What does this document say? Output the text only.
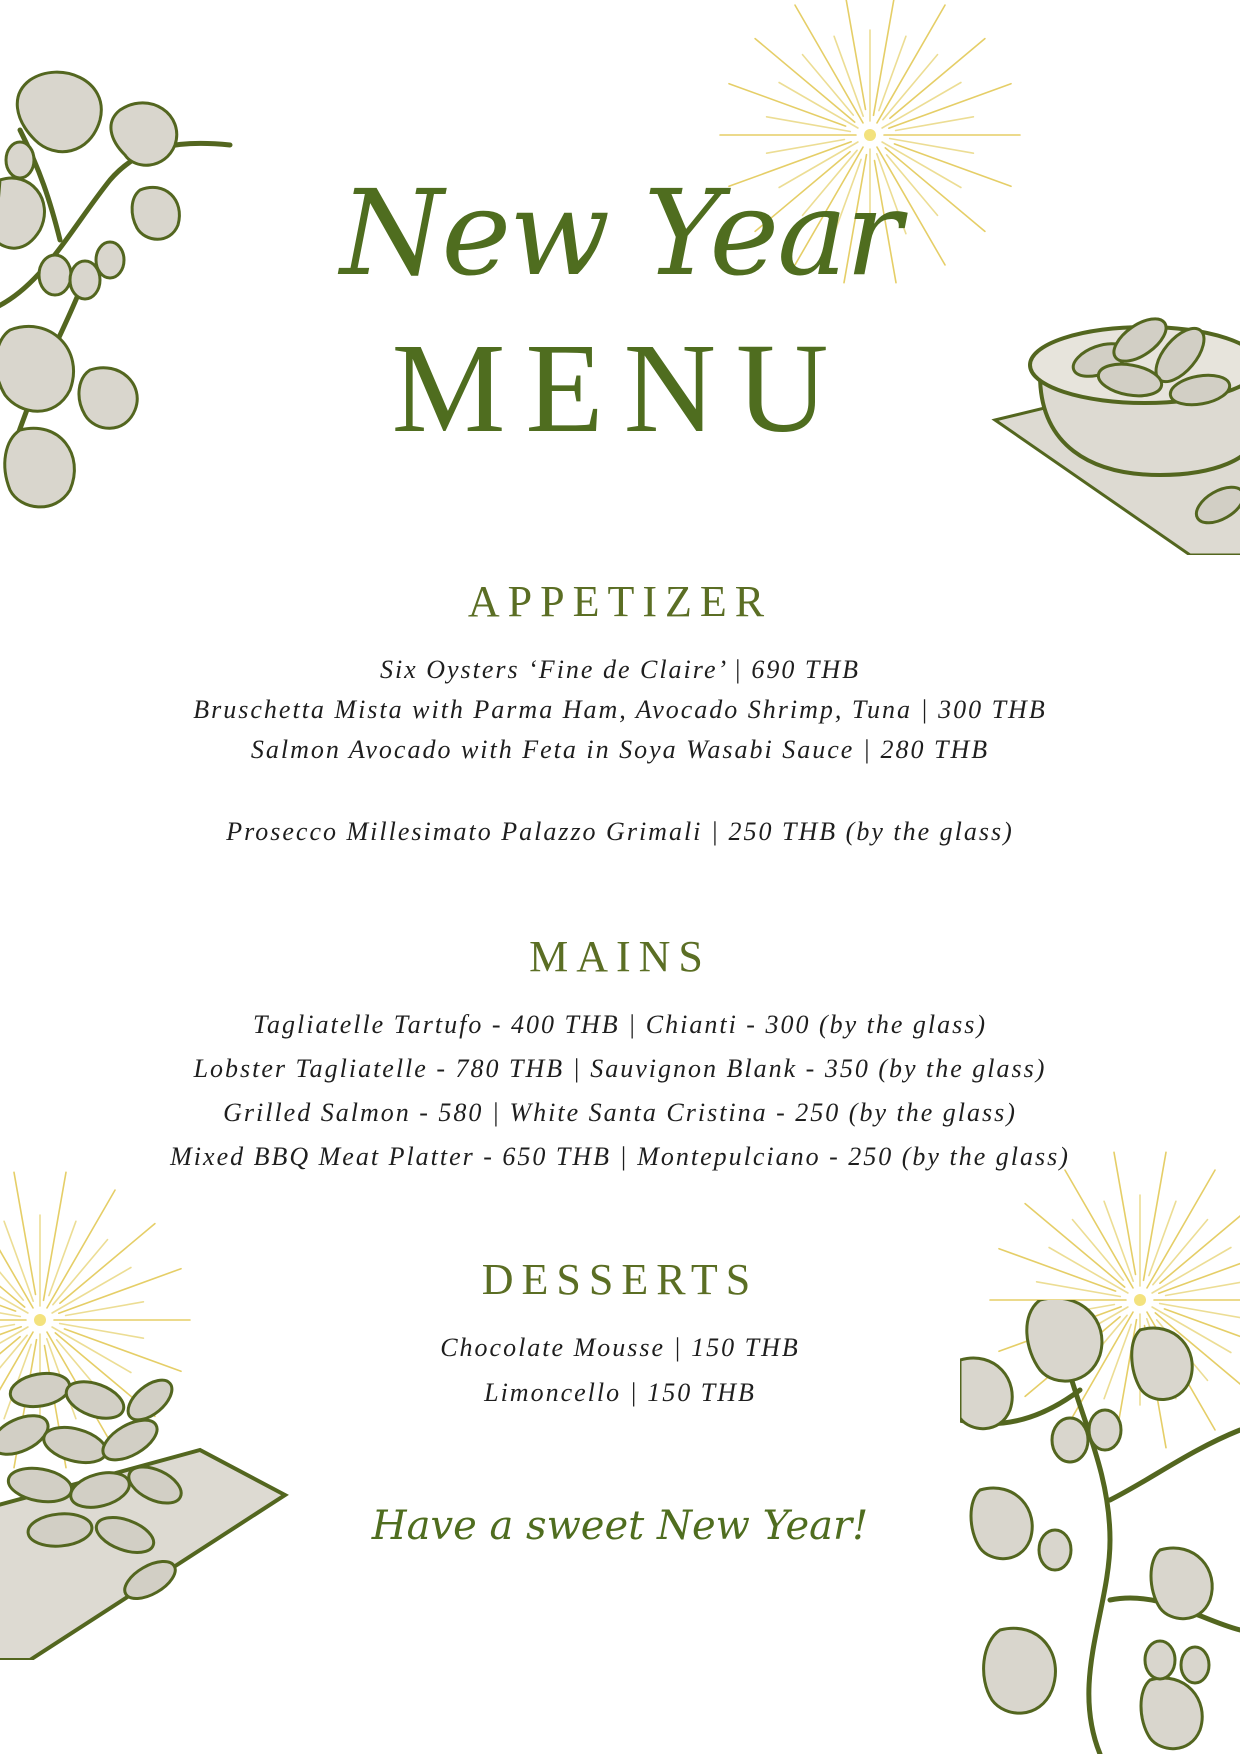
New Year
MENU
APPETIZER
Six Oysters ‘Fine de Claire’ | 690 THB
Bruschetta Mista with Parma Ham, Avocado Shrimp, Tuna | 300 THB
Salmon Avocado with Feta in Soya Wasabi Sauce | 280 THB
Prosecco Millesimato Palazzo Grimali | 250 THB (by the glass)
MAINS
Tagliatelle Tartufo - 400 THB | Chianti - 300 (by the glass)
Lobster Tagliatelle - 780 THB | Sauvignon Blank - 350 (by the glass)
Grilled Salmon - 580 | White Santa Cristina - 250 (by the glass)
Mixed BBQ Meat Platter - 650 THB | Montepulciano - 250 (by the glass)
DESSERTS
Chocolate Mousse | 150 THB
Limoncello | 150 THB
Have a sweet New Year!
